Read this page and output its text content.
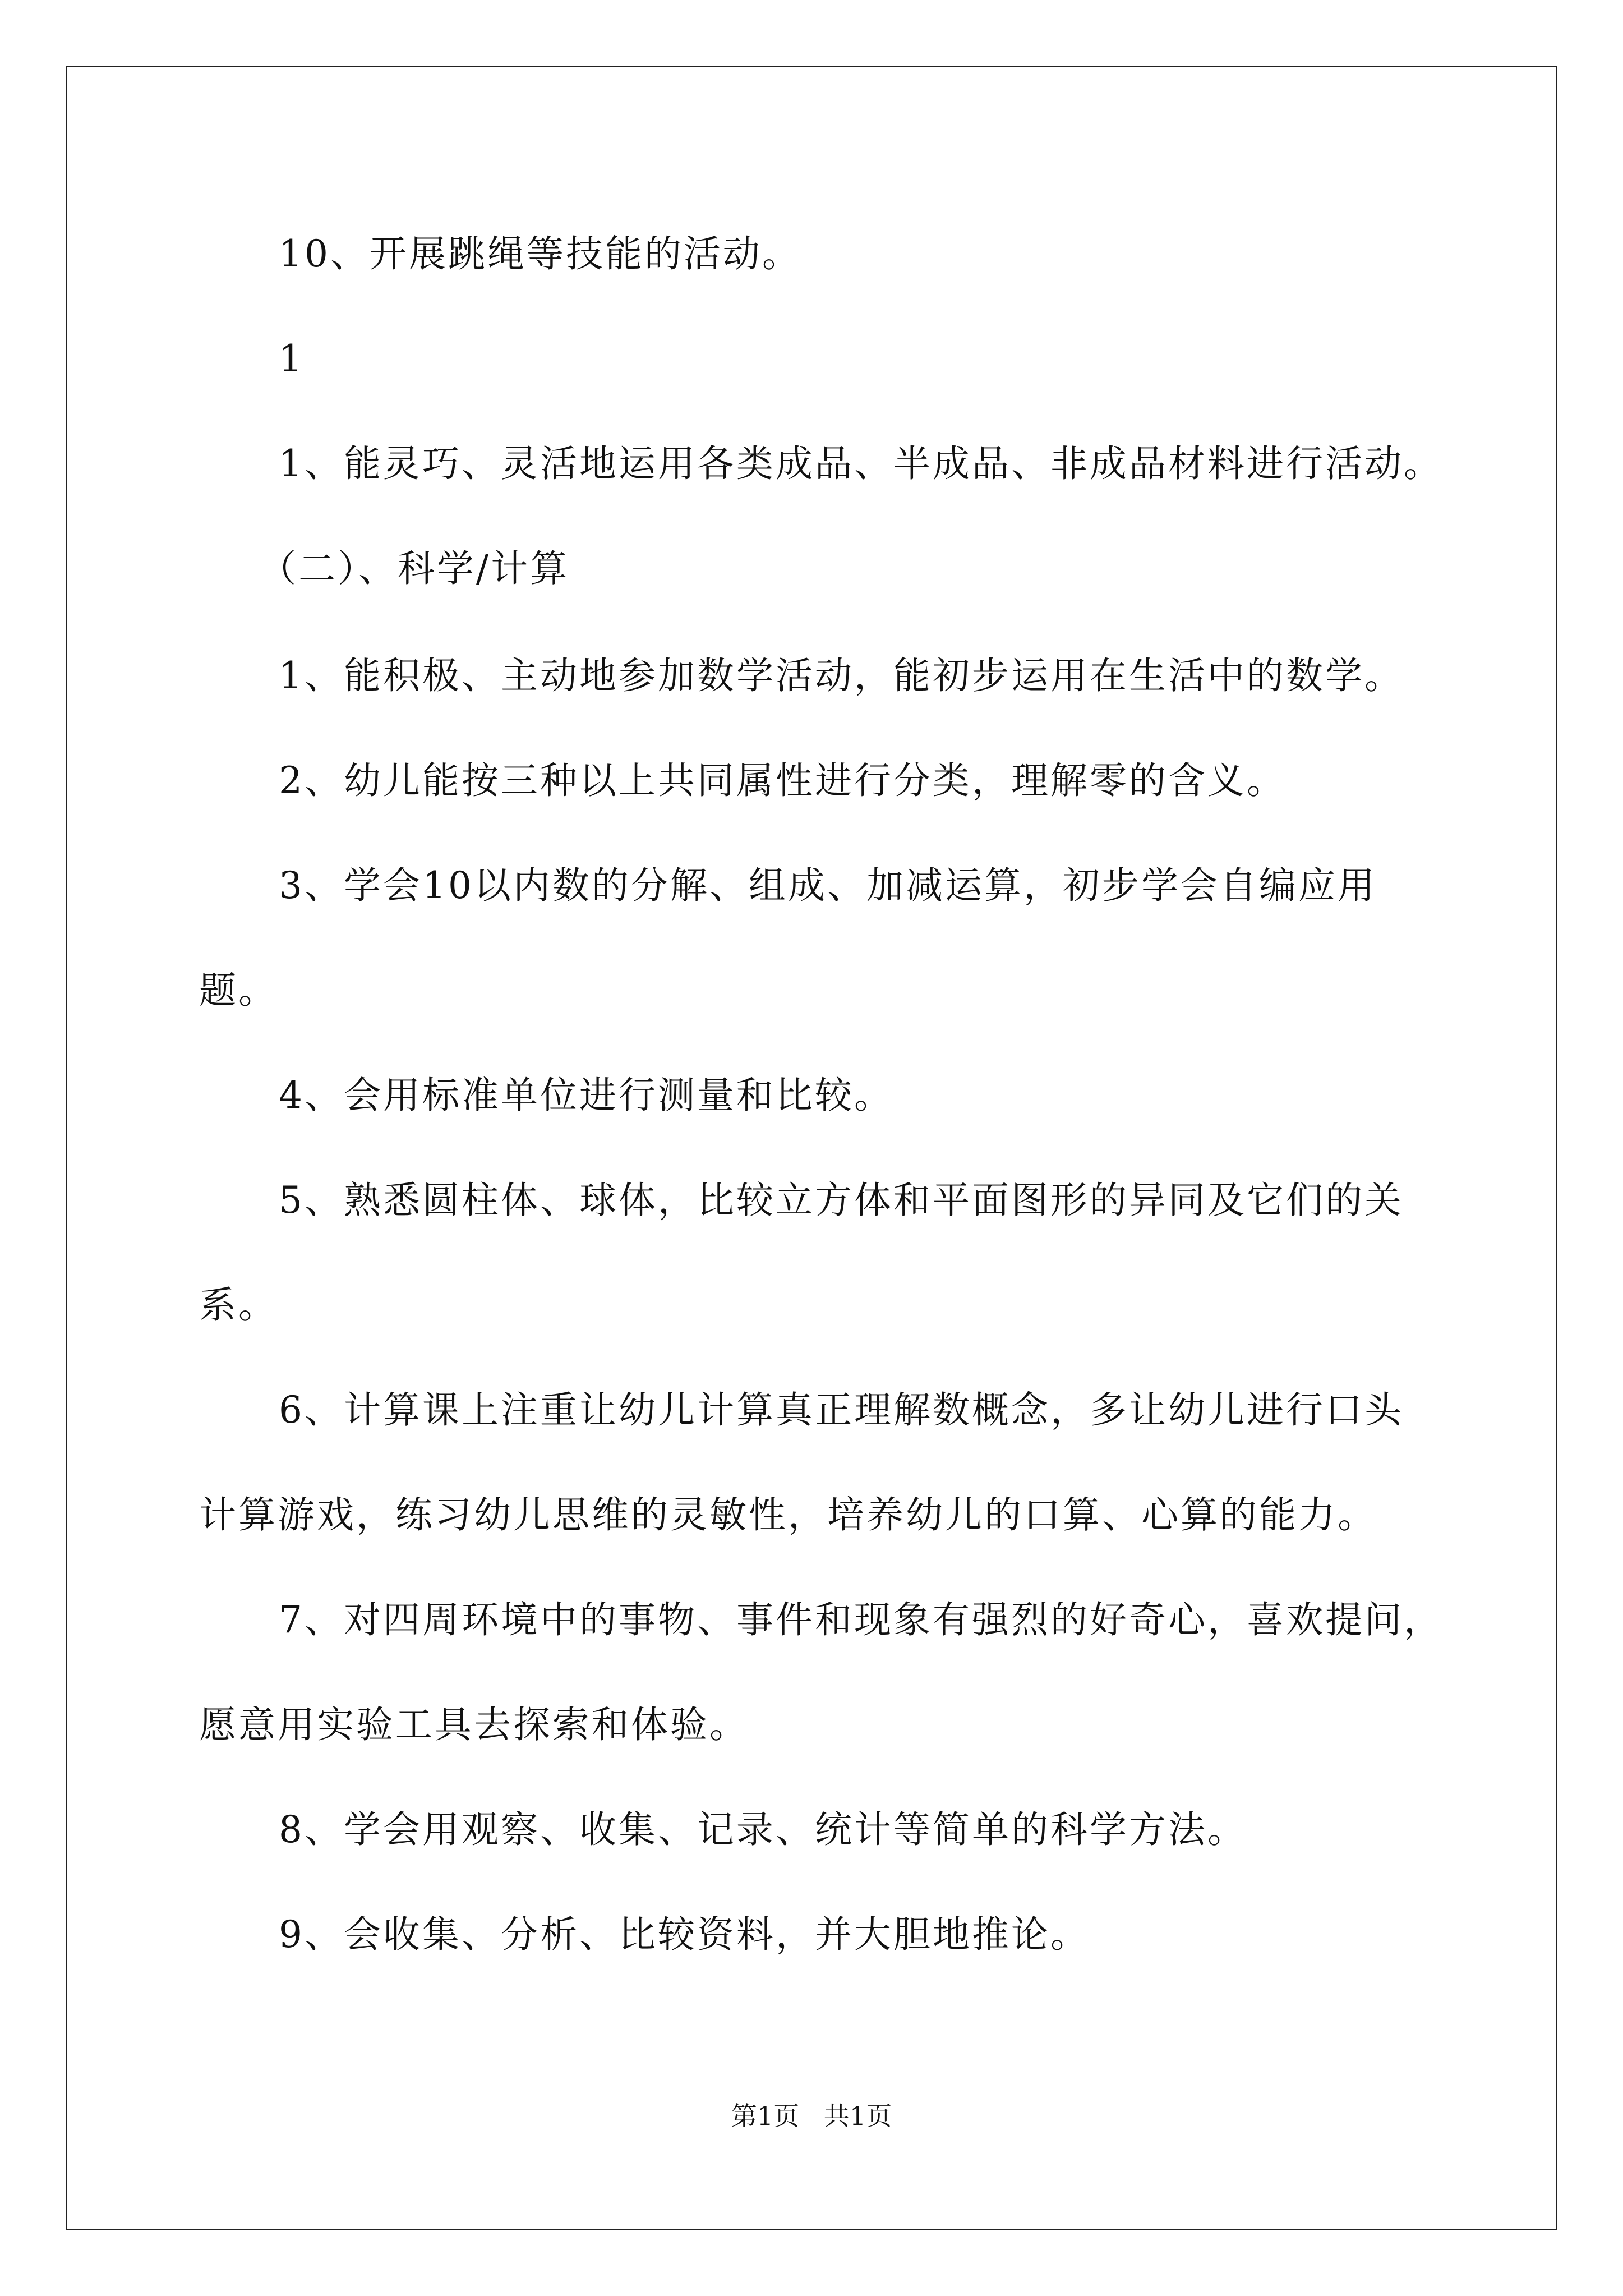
10、开展跳绳等技能的活动。

1

1、能灵巧、灵活地运用各类成品、半成品、非成品材料进行活动。

（二）、科学/计算

1、能积极、主动地参加数学活动，能初步运用在生活中的数学。

2、幼儿能按三种以上共同属性进行分类，理解零的含义。

3、学会10以内数的分解、组成、加减运算，初步学会自编应用

题。

4、会用标准单位进行测量和比较。

5、熟悉圆柱体、球体，比较立方体和平面图形的异同及它们的关

系。

6、计算课上注重让幼儿计算真正理解数概念，多让幼儿进行口头

计算游戏，练习幼儿思维的灵敏性，培养幼儿的口算、心算的能力。

7、对四周环境中的事物、事件和现象有强烈的好奇心，喜欢提问，

愿意用实验工具去探索和体验。

8、学会用观察、收集、记录、统计等简单的科学方法。

9、会收集、分析、比较资料，并大胆地推论。

第1页   共1页
